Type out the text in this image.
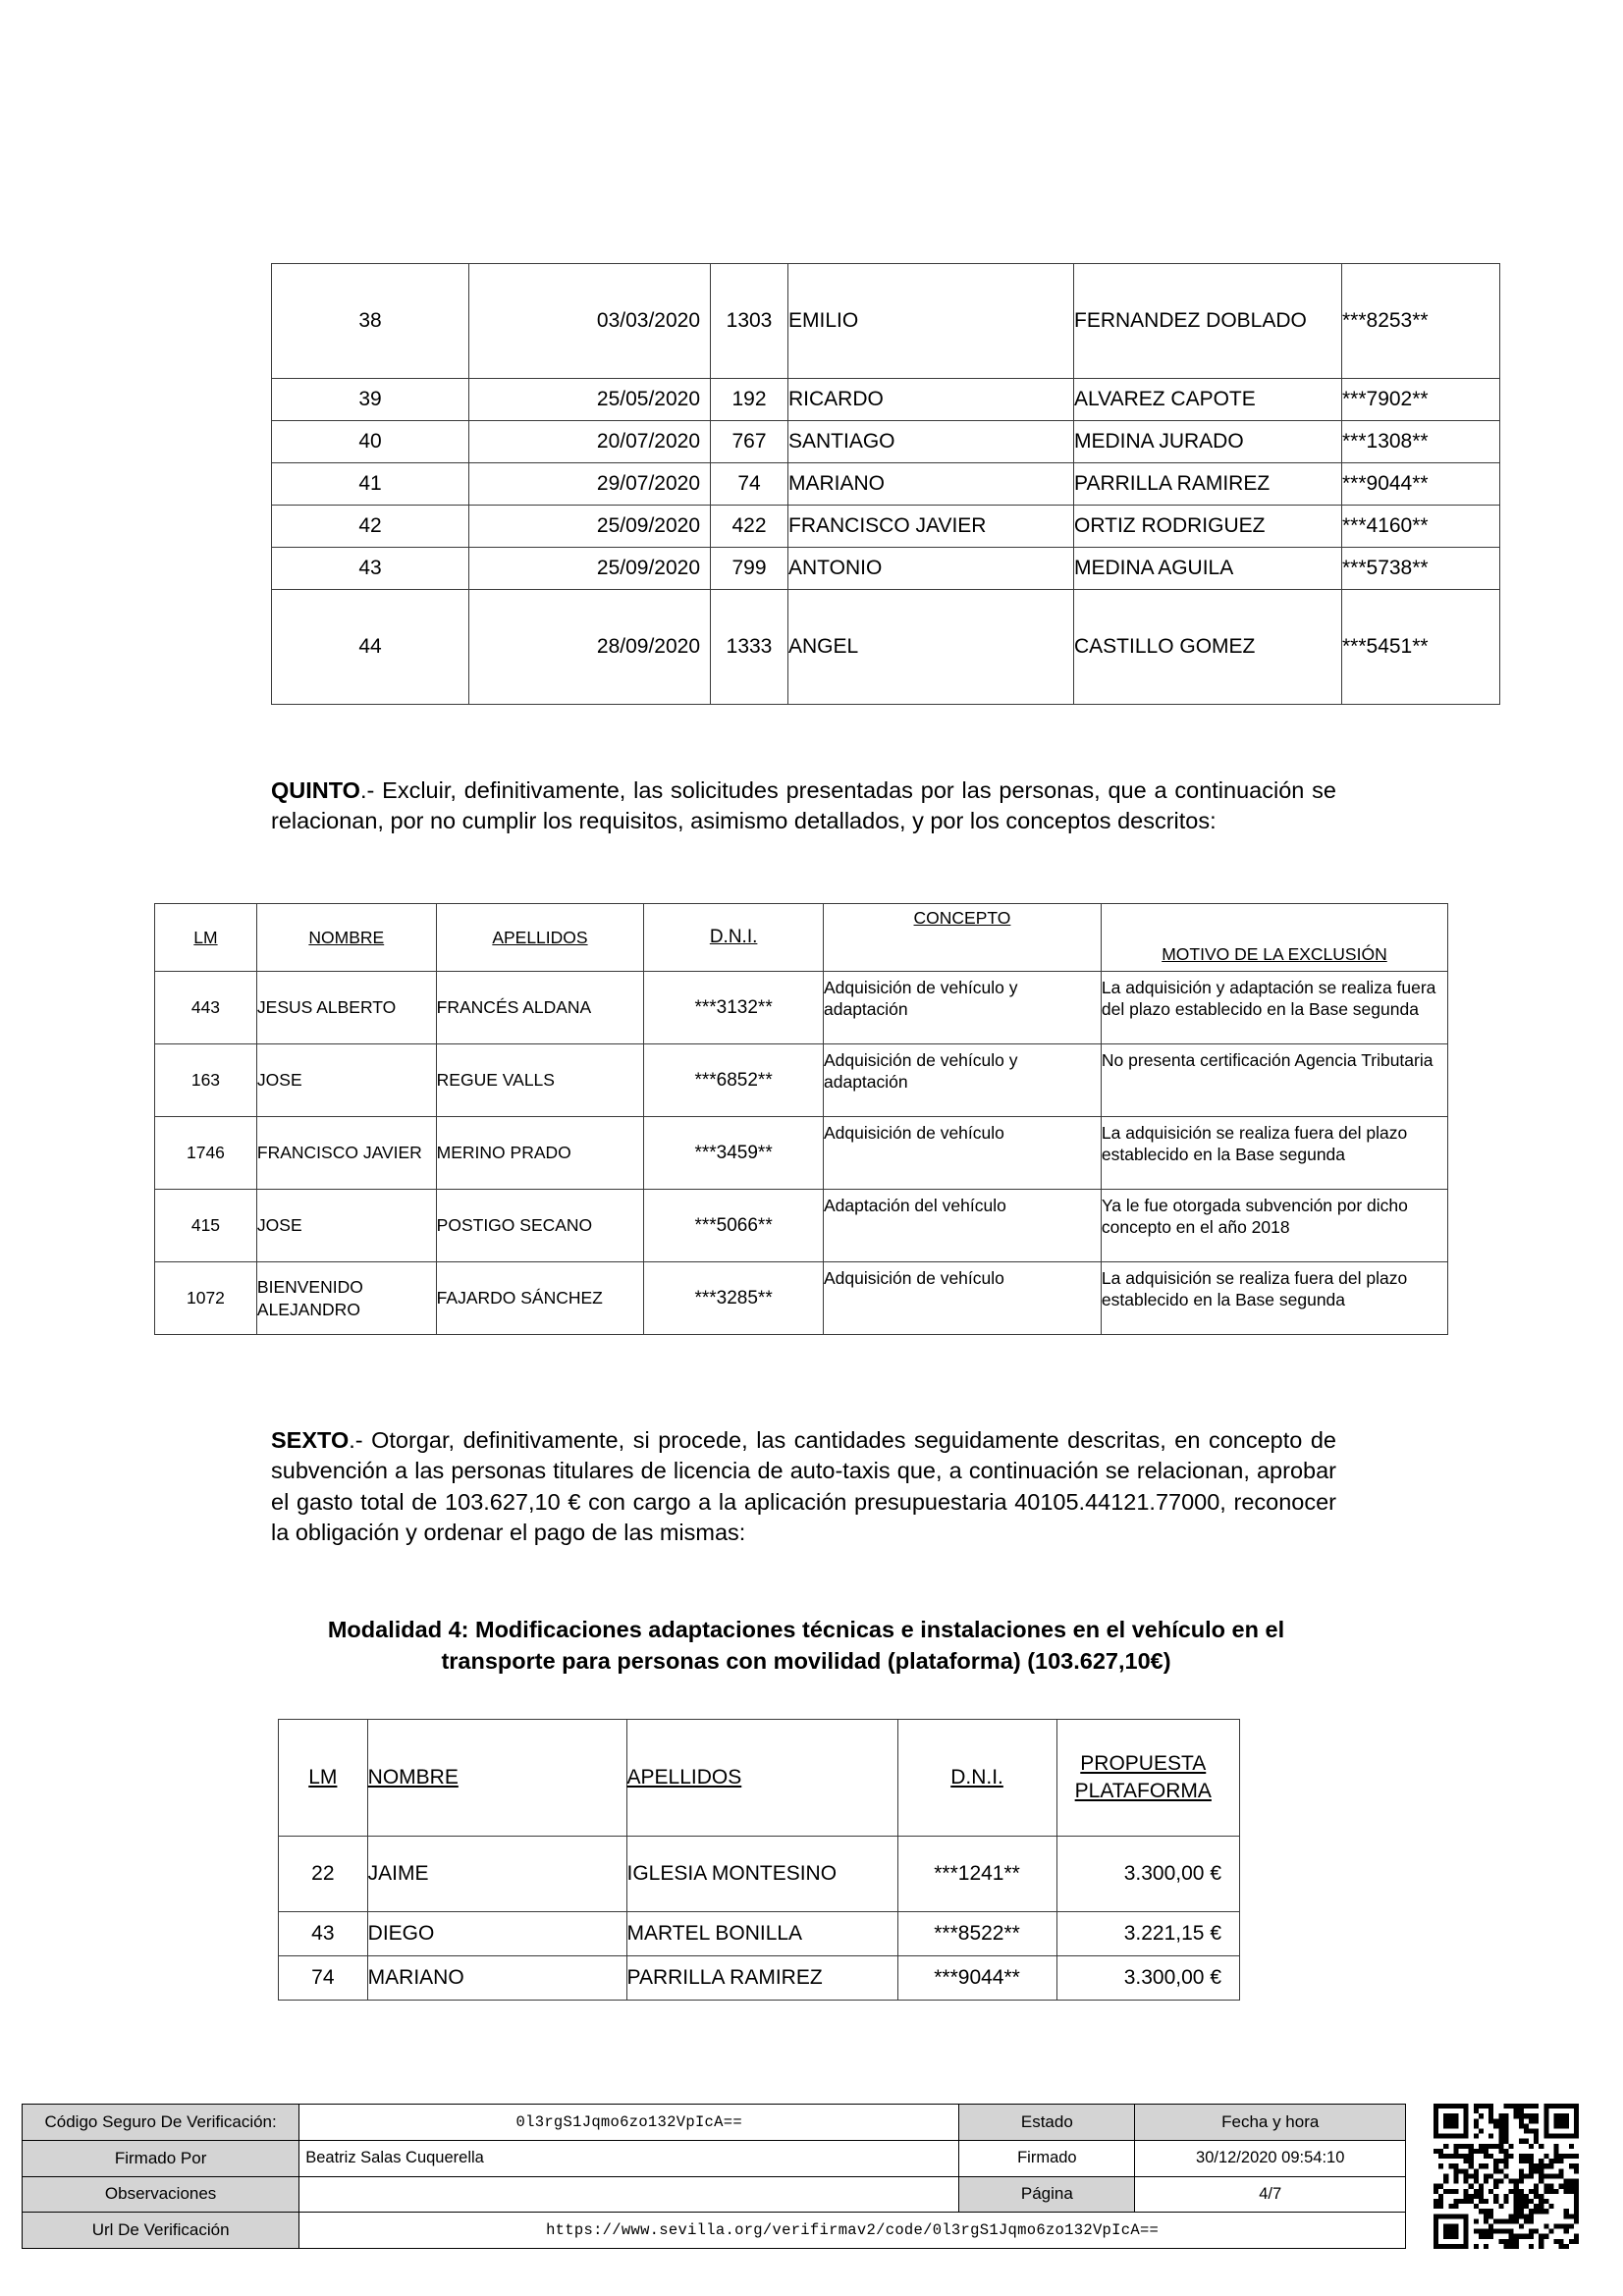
38	03/03/2020	1303	EMILIO	FERNANDEZ DOBLADO	***8253**
39	25/05/2020	192	RICARDO	ALVAREZ CAPOTE	***7902**
40	20/07/2020	767	SANTIAGO	MEDINA JURADO	***1308**
41	29/07/2020	74	MARIANO	PARRILLA RAMIREZ	***9044**
42	25/09/2020	422	FRANCISCO JAVIER	ORTIZ RODRIGUEZ	***4160**
43	25/09/2020	799	ANTONIO	MEDINA AGUILA	***5738**
44	28/09/2020	1333	ANGEL	CASTILLO GOMEZ	***5451**
QUINTO.- Excluir, definitivamente, las solicitudes presentadas por las personas, que a continuación se relacionan, por no cumplir los requisitos, asimismo detallados, y por los conceptos descritos:
LM	NOMBRE	APELLIDOS	D.N.I.	CONCEPTO	MOTIVO DE LA EXCLUSIÓN
443	JESUS ALBERTO	FRANCÉS ALDANA	***3132**	Adquisición de vehículo y adaptación	La adquisición y adaptación se realiza fuera del plazo establecido en la Base segunda
163	JOSE	REGUE VALLS	***6852**	Adquisición de vehículo y adaptación	No presenta certificación Agencia Tributaria
1746	FRANCISCO JAVIER	MERINO PRADO	***3459**	Adquisición de vehículo	La adquisición se realiza fuera del plazo establecido en la Base segunda
415	JOSE	POSTIGO SECANO	***5066**	Adaptación del vehículo	Ya le fue otorgada subvención por dicho concepto en el año 2018
1072	BIENVENIDO ALEJANDRO	FAJARDO SÁNCHEZ	***3285**	Adquisición de vehículo	La adquisición se realiza fuera del plazo establecido en la Base segunda
SEXTO.- Otorgar, definitivamente, si procede, las cantidades seguidamente descritas, en concepto de subvención a las personas titulares de licencia de auto-taxis que, a continuación se relacionan, aprobar el gasto total de 103.627,10 € con cargo a la aplicación presupuestaria 40105.44121.77000, reconocer la obligación y ordenar el pago de las mismas:
Modalidad 4: Modificaciones adaptaciones técnicas e instalaciones en el vehículo en el transporte para personas con movilidad (plataforma) (103.627,10€)
LM	NOMBRE	APELLIDOS	D.N.I.	PROPUESTA
PLATAFORMA
22	JAIME	IGLESIA MONTESINO	***1241**	3.300,00 €
43	DIEGO	MARTEL BONILLA	***8522**	3.221,15 €
74	MARIANO	PARRILLA RAMIREZ	***9044**	3.300,00 €
Código Seguro De Verificación:	0l3rgS1Jqmo6zo132VpIcA==	Estado	Fecha y hora
Firmado Por	Beatriz Salas Cuquerella	Firmado	30/12/2020 09:54:10
Observaciones		Página	4/7
Url De Verificación	https://www.sevilla.org/verifirmav2/code/0l3rgS1Jqmo6zo132VpIcA==		
